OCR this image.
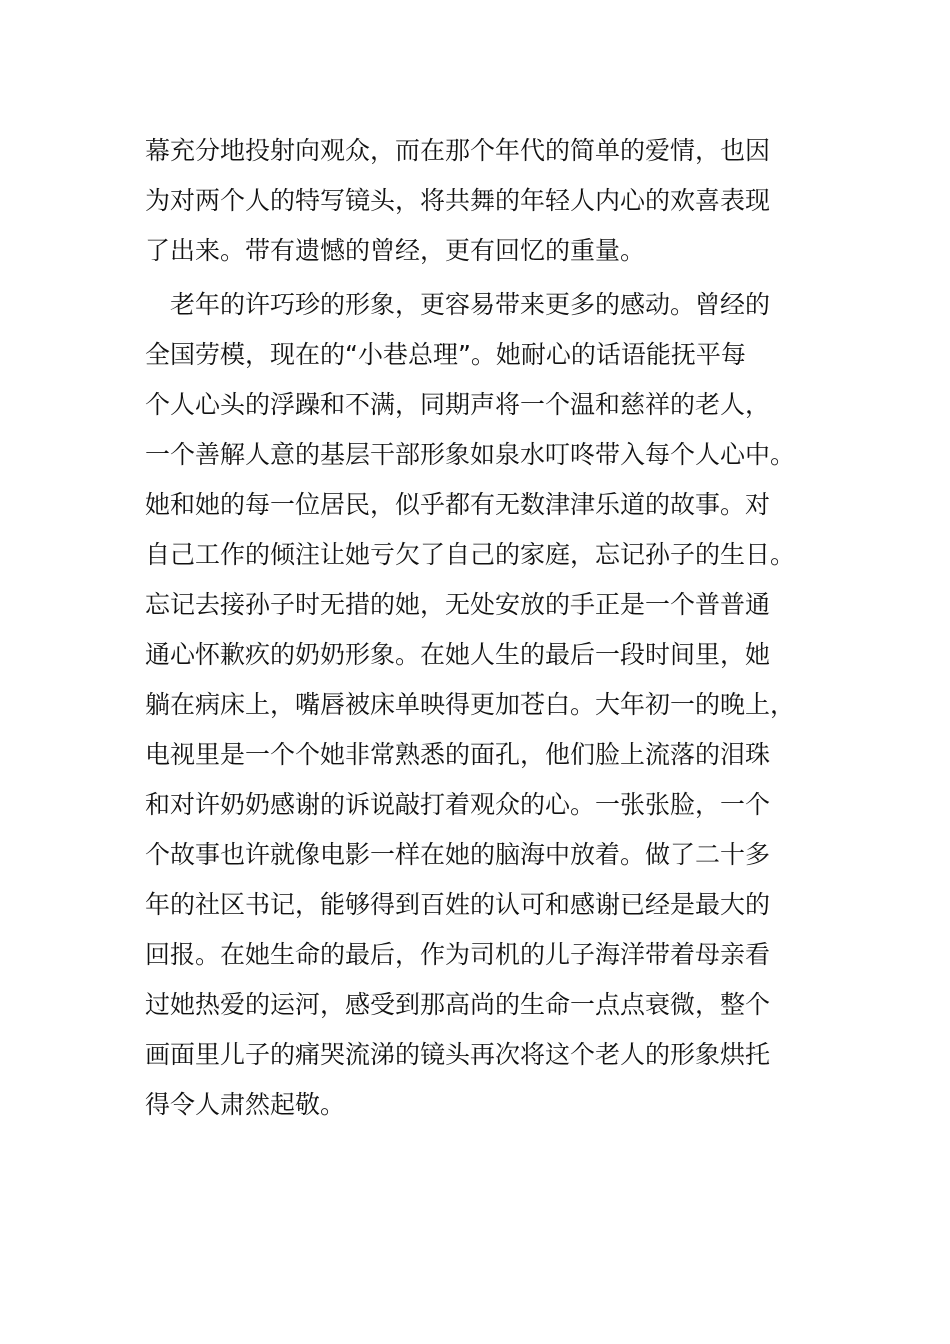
幕充分地投射向观众，而在那个年代的简单的爱情，也因
为对两个人的特写镜头，将共舞的年轻人内心的欢喜表现
了出来。带有遗憾的曾经，更有回忆的重量。
　老年的许巧珍的形象，更容易带来更多的感动。曾经的
全国劳模，现在的“小巷总理”。她耐心的话语能抚平每
个人心头的浮躁和不满，同期声将一个温和慈祥的老人，
一个善解人意的基层干部形象如泉水叮咚带入每个人心中。
她和她的每一位居民，似乎都有无数津津乐道的故事。对
自己工作的倾注让她亏欠了自己的家庭，忘记孙子的生日。
忘记去接孙子时无措的她，无处安放的手正是一个普普通
通心怀歉疚的奶奶形象。在她人生的最后一段时间里，她
躺在病床上，嘴唇被床单映得更加苍白。大年初一的晚上，
电视里是一个个她非常熟悉的面孔，他们脸上流落的泪珠
和对许奶奶感谢的诉说敲打着观众的心。一张张脸，一个
个故事也许就像电影一样在她的脑海中放着。做了二十多
年的社区书记，能够得到百姓的认可和感谢已经是最大的
回报。在她生命的最后，作为司机的儿子海洋带着母亲看
过她热爱的运河，感受到那高尚的生命一点点衰微，整个
画面里儿子的痛哭流涕的镜头再次将这个老人的形象烘托
得令人肃然起敬。
